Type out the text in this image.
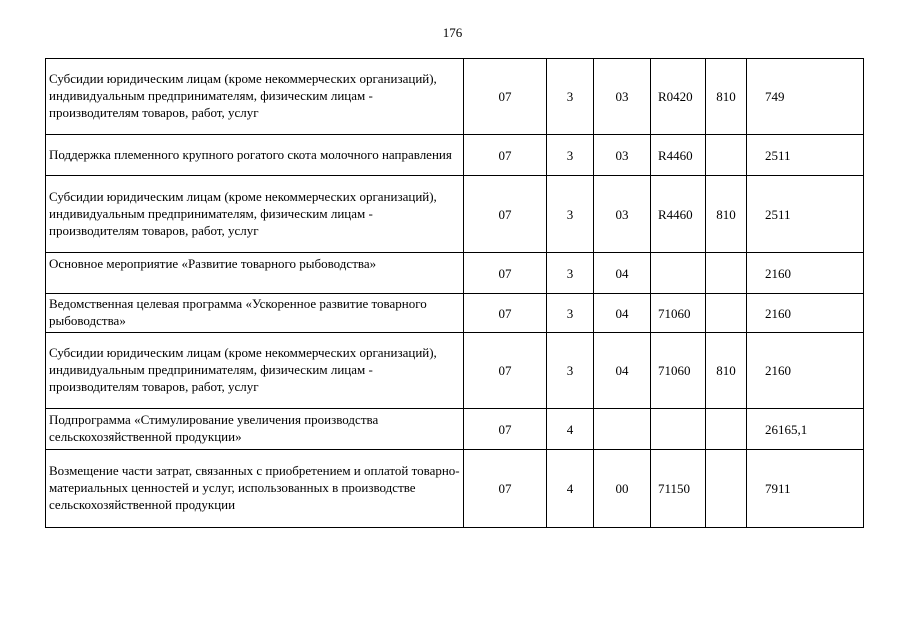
176
Субсидии юридическим лицам (кроме некоммерческих организаций), индивидуальным предпринимателям, физическим лицам - производителям товаров, работ, услуг	07	3	03	R0420	810	749
Поддержка племенного крупного рогатого скота молочного направления	07	3	03	R4460		2511
Субсидии юридическим лицам (кроме некоммерческих организаций), индивидуальным предпринимателям, физическим лицам - производителям товаров, работ, услуг	07	3	03	R4460	810	2511
Основное мероприятие «Развитие товарного рыбоводства»	07	3	04			2160
Ведомственная целевая программа «Ускоренное развитие товарного рыбоводства»	07	3	04	71060		2160
Субсидии юридическим лицам (кроме некоммерческих организаций), индивидуальным предпринимателям, физическим лицам - производителям товаров, работ, услуг	07	3	04	71060	810	2160
Подпрограмма «Стимулирование увеличения производства сельскохозяйственной продукции»	07	4				26165,1
Возмещение части затрат, связанных с приобретением и оплатой товарно-материальных ценностей и услуг, использованных в производстве сельскохозяйственной продукции	07	4	00	71150		7911
